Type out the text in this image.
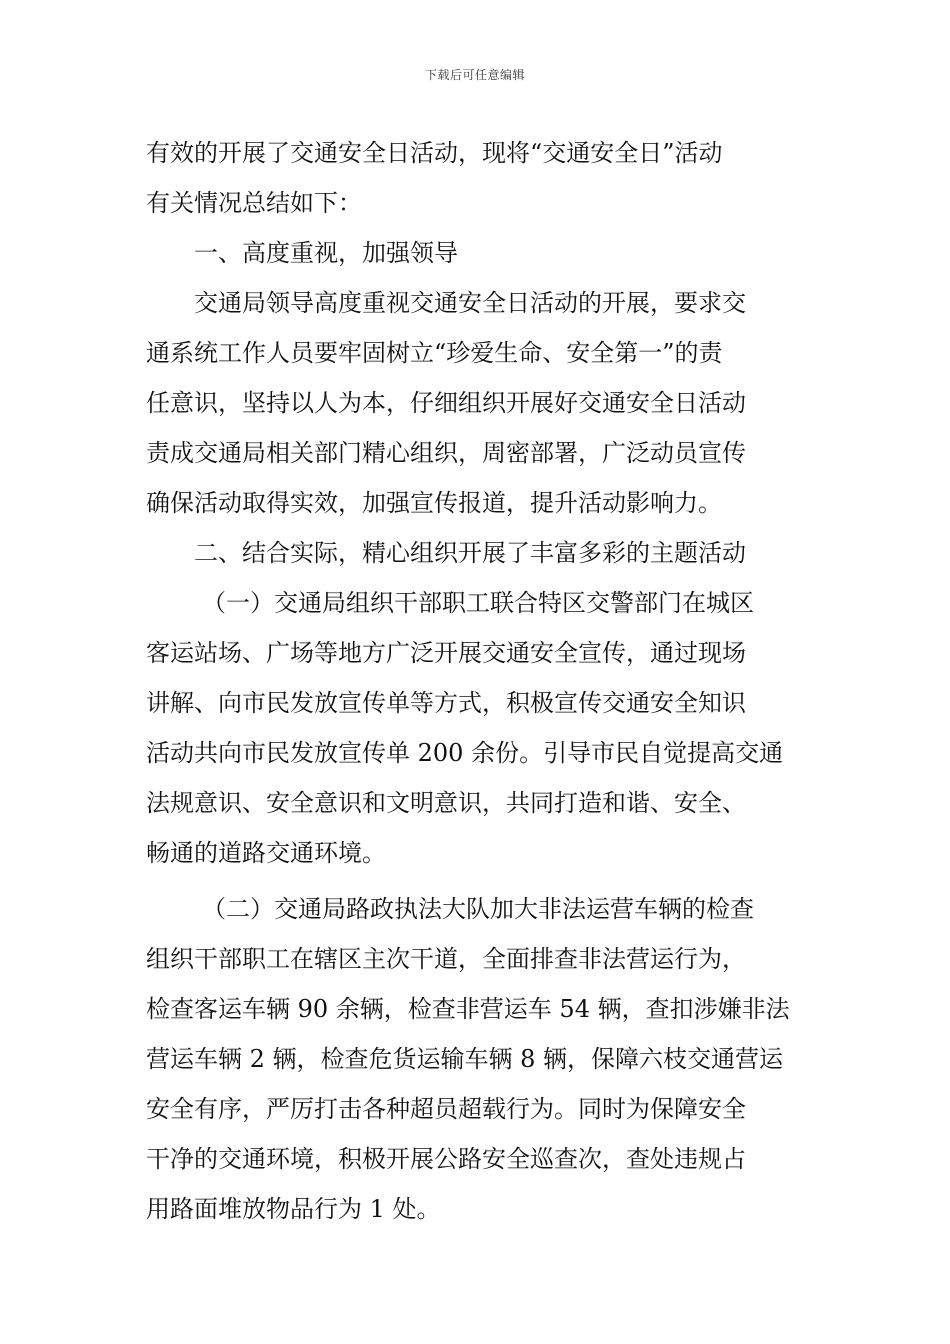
下载后可任意编辑
有效的开展了交通安全日活动，现将“交通安全日”活动
有关情况总结如下：
一、高度重视，加强领导
交通局领导高度重视交通安全日活动的开展，要求交
通系统工作人员要牢固树立“珍爱生命、安全第一”的责
任意识，坚持以人为本，仔细组织开展好交通安全日活动
责成交通局相关部门精心组织，周密部署，广泛动员宣传
确保活动取得实效，加强宣传报道，提升活动影响力。
二、结合实际，精心组织开展了丰富多彩的主题活动
（一）交通局组织干部职工联合特区交警部门在城区
客运站场、广场等地方广泛开展交通安全宣传，通过现场
讲解、向市民发放宣传单等方式，积极宣传交通安全知识
活动共向市民发放宣传单 200 余份。引导市民自觉提高交通
法规意识、安全意识和文明意识，共同打造和谐、安全、
畅通的道路交通环境。
（二）交通局路政执法大队加大非法运营车辆的检查
组织干部职工在辖区主次干道，全面排查非法营运行为，
检查客运车辆 90 余辆，检查非营运车 54 辆，查扣涉嫌非法
营运车辆 2 辆，检查危货运输车辆 8 辆，保障六枝交通营运
安全有序，严厉打击各种超员超载行为。同时为保障安全
干净的交通环境，积极开展公路安全巡查次，查处违规占
用路面堆放物品行为 1 处。
